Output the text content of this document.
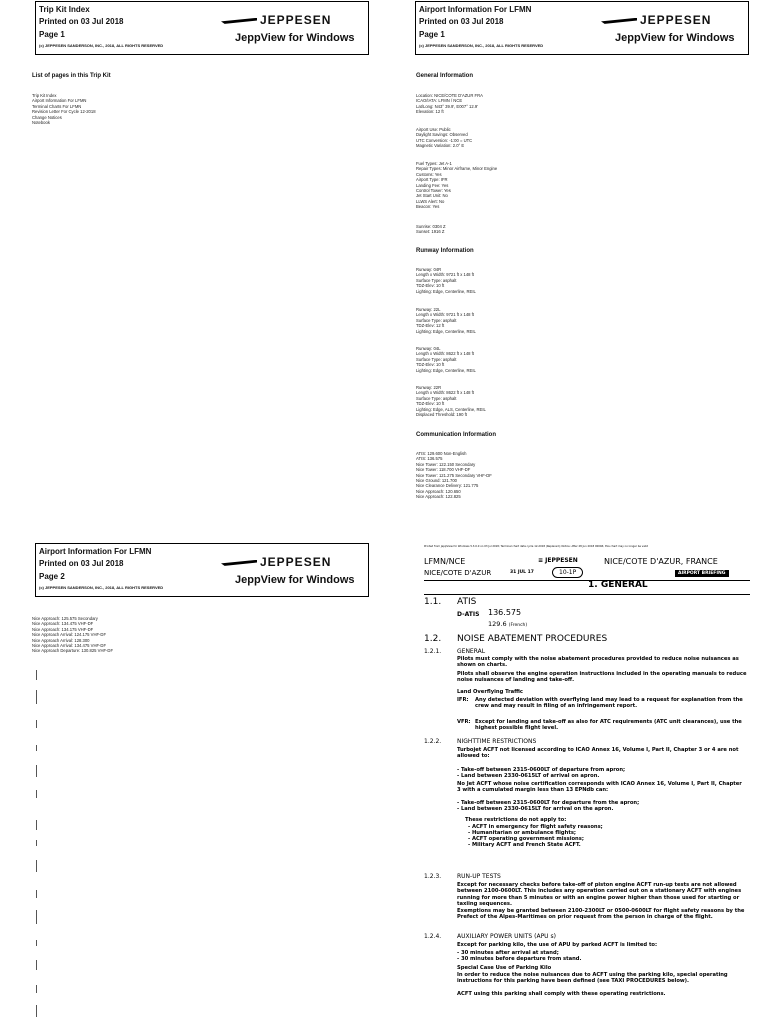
Trip Kit Index
Printed on 03 Jul 2018
Page 1
(c) JEPPESEN SANDERSON, INC., 2018, ALL RIGHTS RESERVED
JEPPESEN
JeppView for Windows
List of pages in this Trip Kit
Trip Kit Index
Airport Information For LFMN
Terminal Charts For LFMN
Revision Letter For Cycle 12-2018
Change Notices
Notebook
Airport Information For LFMN
Printed on 03 Jul 2018
Page 1
(c) JEPPESEN SANDERSON, INC., 2018, ALL RIGHTS RESERVED
JEPPESEN
JeppView for Windows
General Information
Location: NICE/COTE D'AZUR FRA
ICAO/IATA: LFMN / NCE
Lat/Long: N43° 39.9', E007° 12.9'
Elevation: 12 ft
Airport Use: Public
Daylight Savings: Observed
UTC Conversion: -1:00 = UTC
Magnetic Variation: 2.0° E
Fuel Types: Jet A-1
Repair Types: Minor Airframe, Minor Engine
Customs: Yes
Airport Type: IFR
Landing Fee: Yes
Control Tower: Yes
Jet Start Unit: No
LLWS Alert: No
Beacon: Yes
Sunrise: 0304 Z
Sunset: 1916 Z
Runway Information
Runway: 04R
Length x Width: 9721 ft x 148 ft
Surface Type: asphalt
TDZ-Elev: 10 ft
Lighting: Edge, Centerline, REIL
Runway: 22L
Length x Width: 9721 ft x 148 ft
Surface Type: asphalt
TDZ-Elev: 12 ft
Lighting: Edge, Centerline, REIL
Runway: 04L
Length x Width: 8622 ft x 148 ft
Surface Type: asphalt
TDZ-Elev: 10 ft
Lighting: Edge, Centerline, REIL
Runway: 22R
Length x Width: 8622 ft x 148 ft
Surface Type: asphalt
TDZ-Elev: 10 ft
Lighting: Edge, ALS, Centerline, REIL
Displaced Threshold: 190 ft
Communication Information
ATIS: 129.600 Non-English
ATIS: 136.575
Nice Tower: 122.150 Secondary
Nice Tower: 118.700 VHF-DF
Nice Tower: 121.275 Secondary VHF-DF
Nice Ground: 121.700
Nice Clearance Delivery: 121.775
Nice Approach: 120.650
Nice Approach: 122.825
Airport Information For LFMN
Printed on 03 Jul 2018
Page 2
(c) JEPPESEN SANDERSON, INC., 2018, ALL RIGHTS RESERVED
JEPPESEN
JeppView for Windows
Nice Approach: 125.575 Secondary
Nice Approach: 134.475 VHF-DF
Nice Approach: 134.175 VHF-DF
Nice Approach Arrival: 124.175 VHF-DF
Nice Approach Arrival: 128.300
Nice Approach Arrival: 134.475 VHF-DF
Nice Approach Departure: 130.825 VHF-DF
Printed from JeppView for Windows 5.3.0.0 on 03 Jul 2018; Terminal chart data cycle 12-2018 (Replaced); Notice: After 28 Jun 2018 0000Z, this chart may no longer be valid
LFMN/NCE
NICE/COTE D'AZUR	31 JUL 17
≡ JEPPESEN
10-1P
NICE/COTE D'AZUR, FRANCE
AIRPORT BRIEFING
1. GENERAL
1.1. ATIS
D-ATIS 136.575
129.6 (French)
1.2. NOISE ABATEMENT PROCEDURES
1.2.1.	GENERAL
Pilots must comply with the noise abatement procedures provided to reduce noise nuisances as shown on charts.
Pilots shall observe the engine operation instructions included in the operating manuals to reduce noise nuisances of landing and take-off.
Land Overflying Traffic
IFR: Any detected deviation with overflying land may lead to a request for explanation from the crew and may result in filing of an infringement report.
VFR: Except for landing and take-off as also for ATC requirements (ATC unit clearances), use the highest possible flight level.
1.2.2.	NIGHTTIME RESTRICTIONS
Turbojet ACFT not licensed according to ICAO Annex 16, Volume I, Part II, Chapter 3 or 4 are not allowed to:
- Take-off between 2315-0600LT of departure from apron;
- Land between 2330-0615LT of arrival on apron.
No Jet ACFT whose noise certification corresponds with ICAO Annex 16, Volume I, Part II, Chapter 3 with a cumulated margin less than 13 EPNdb can:
- Take-off between 2315-0600LT for departure from the apron;
- Land between 2330-0615LT for arrival on the apron.
These restrictions do not apply to:
- ACFT in emergency for flight safety reasons;
- Humanitarian or ambulance flights;
- ACFT operating government missions;
- Military ACFT and French State ACFT.
1.2.3.	RUN-UP TESTS
Except for necessary checks before take-off of piston engine ACFT run-up tests are not allowed between 2100-0600LT. This includes any operation carried out on a stationary ACFT with engines running for more than 5 minutes or with an engine power higher than those used for starting or taxiing sequences.
Exemptions may be granted between 2100-2300LT or 0500-0600LT for flight safety reasons by the Prefect of the Alpes-Maritimes on prior request from the person in charge of the flight.
1.2.4.	AUXILIARY POWER UNITS (APU s)
Except for parking kilo, the use of APU by parked ACFT is limited to:
- 30 minutes after arrival at stand;
- 30 minutes before departure from stand.
Special Case Use of Parking Kilo
In order to reduce the noise nuisances due to ACFT using the parking kilo, special operating instructions for this parking have been defined (see TAXI PROCEDURES below).
ACFT using this parking shall comply with these operating restrictions.
